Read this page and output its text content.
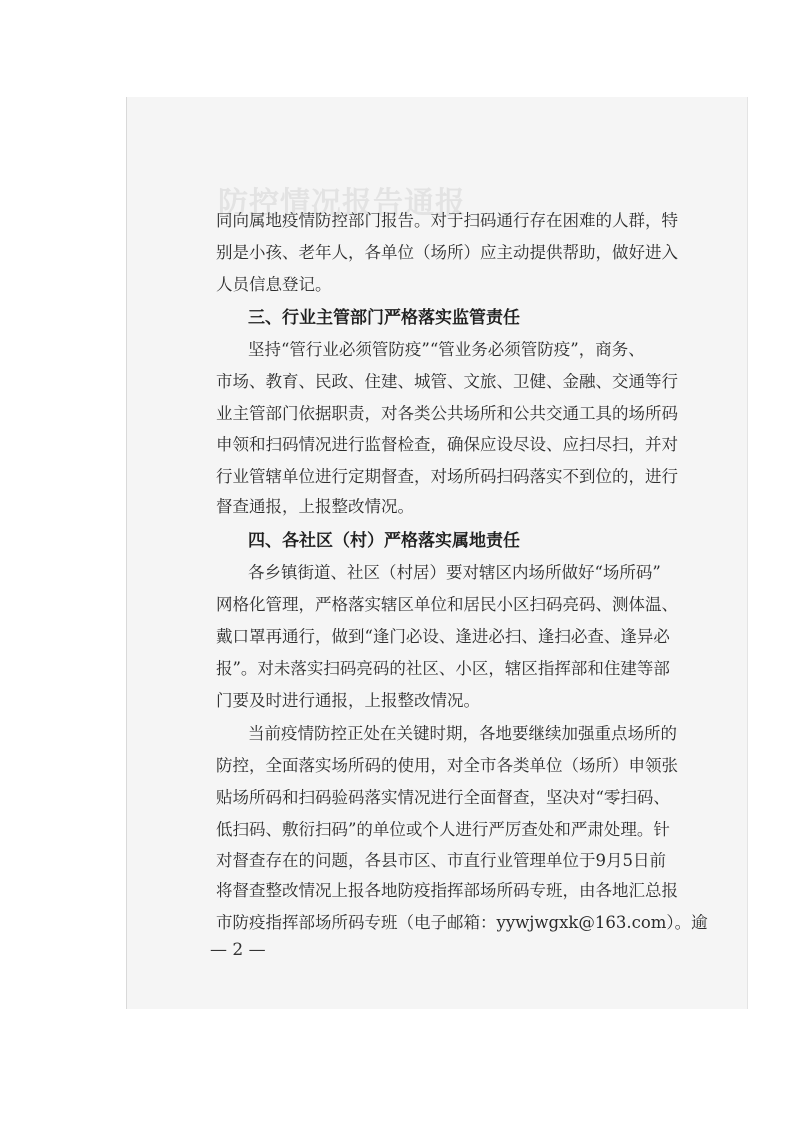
防控情况报告通报
同向属地疫情防控部门报告。对于扫码通行存在困难的人群，特
别是小孩、老年人，各单位（场所）应主动提供帮助，做好进入
人员信息登记。
三、行业主管部门严格落实监管责任
坚持“管行业必须管防疫”“管业务必须管防疫”，商务、
市场、教育、民政、住建、城管、文旅、卫健、金融、交通等行
业主管部门依据职责，对各类公共场所和公共交通工具的场所码
申领和扫码情况进行监督检查，确保应设尽设、应扫尽扫，并对
行业管辖单位进行定期督查，对场所码扫码落实不到位的，进行
督查通报，上报整改情况。
四、各社区（村）严格落实属地责任
各乡镇街道、社区（村居）要对辖区内场所做好“场所码”
网格化管理，严格落实辖区单位和居民小区扫码亮码、测体温、
戴口罩再通行，做到“逢门必设、逢进必扫、逢扫必查、逢异必
报”。对未落实扫码亮码的社区、小区，辖区指挥部和住建等部
门要及时进行通报，上报整改情况。
当前疫情防控正处在关键时期，各地要继续加强重点场所的
防控，全面落实场所码的使用，对全市各类单位（场所）申领张
贴场所码和扫码验码落实情况进行全面督查，坚决对“零扫码、
低扫码、敷衍扫码”的单位或个人进行严厉查处和严肃处理。针
对督查存在的问题，各县市区、市直行业管理单位于9月5日前
将督查整改情况上报各地防疫指挥部场所码专班，由各地汇总报
市防疫指挥部场所码专班（电子邮箱：yywjwgxk@163.com）。逾
— 2 —
